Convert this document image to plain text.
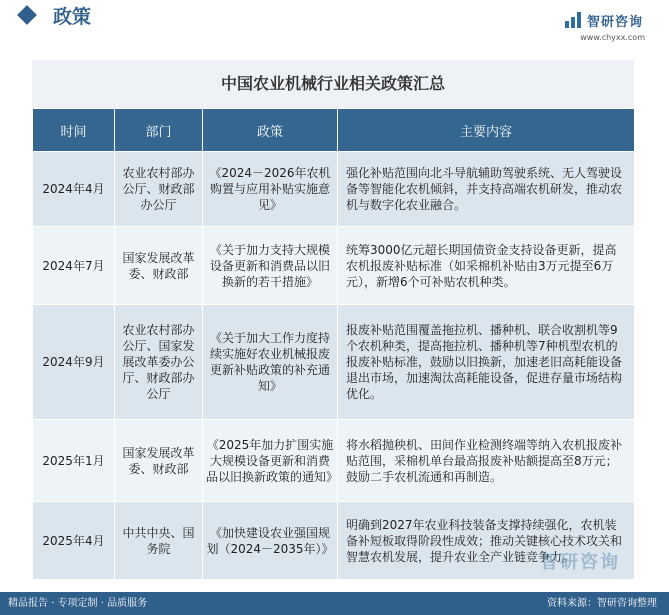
政策	智研咨询
www.chyxx.com
中国农业机械行业相关政策汇总
时间	部门	政策	主要内容
2024年4月	农业农村部办公厅、财政部办公厅	《2024－2026年农机购置与应用补贴实施意见》	强化补贴范围向北斗导航辅助驾驶系统、无人驾驶设备等智能化农机倾斜，并支持高端农机研发，推动农机与数字化农业融合。
2024年7月	国家发展改革委、财政部	《关于加力支持大规模设备更新和消费品以旧换新的若干措施》	统筹3000亿元超长期国债资金支持设备更新，提高农机报废补贴标准（如采棉机补贴由3万元提至6万元），新增6个可补贴农机种类。
2024年9月	农业农村部办公厅、国家发展改革委办公厅、财政部办公厅	《关于加大工作力度持续实施好农业机械报废更新补贴政策的补充通知》	报废补贴范围覆盖拖拉机、播种机、联合收割机等9个农机种类，提高拖拉机、播种机等7种机型农机的报废补贴标准，鼓励以旧换新，加速老旧高耗能设备退出市场，加速淘汰高耗能设备，促进存量市场结构优化。
2025年1月	国家发展改革委、财政部	《2025年加力扩围实施大规模设备更新和消费品以旧换新政策的通知》	将水稻抛秧机、田间作业检测终端等纳入农机报废补贴范围，采棉机单台最高报废补贴额提高至8万元；鼓励二手农机流通和再制造。
2025年4月	中共中央、国务院	《加快建设农业强国规划（2024－2035年）》	明确到2027年农业科技装备支撑持续强化，农机装备补短板取得阶段性成效；推动关键核心技术攻关和智慧农机发展，提升农业全产业链竞争力。
智研咨询
精品报告 · 专项定制 · 品质服务	资料来源：智研咨询整理
